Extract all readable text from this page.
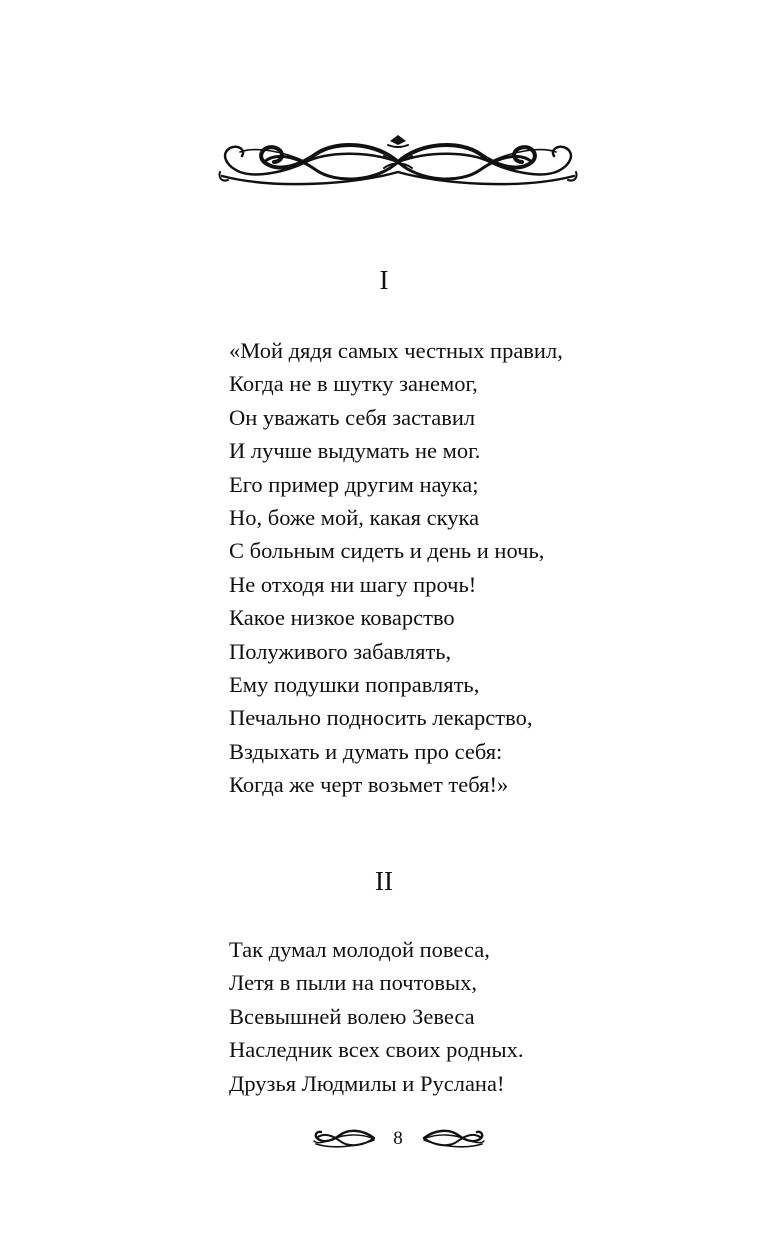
I
«Мой дядя самых честных правил,
Когда не в шутку занемог,
Он уважать себя заставил
И лучше выдумать не мог.
Его пример другим наука;
Но, боже мой, какая скука
С больным сидеть и день и ночь,
Не отходя ни шагу прочь!
Какое низкое коварство
Полуживого забавлять,
Ему подушки поправлять,
Печально подносить лекарство,
Вздыхать и думать про себя:
Когда же черт возьмет тебя!»
II
Так думал молодой повеса,
Летя в пыли на почтовых,
Всевышней волею Зевеса
Наследник всех своих родных.
Друзья Людмилы и Руслана!
8
